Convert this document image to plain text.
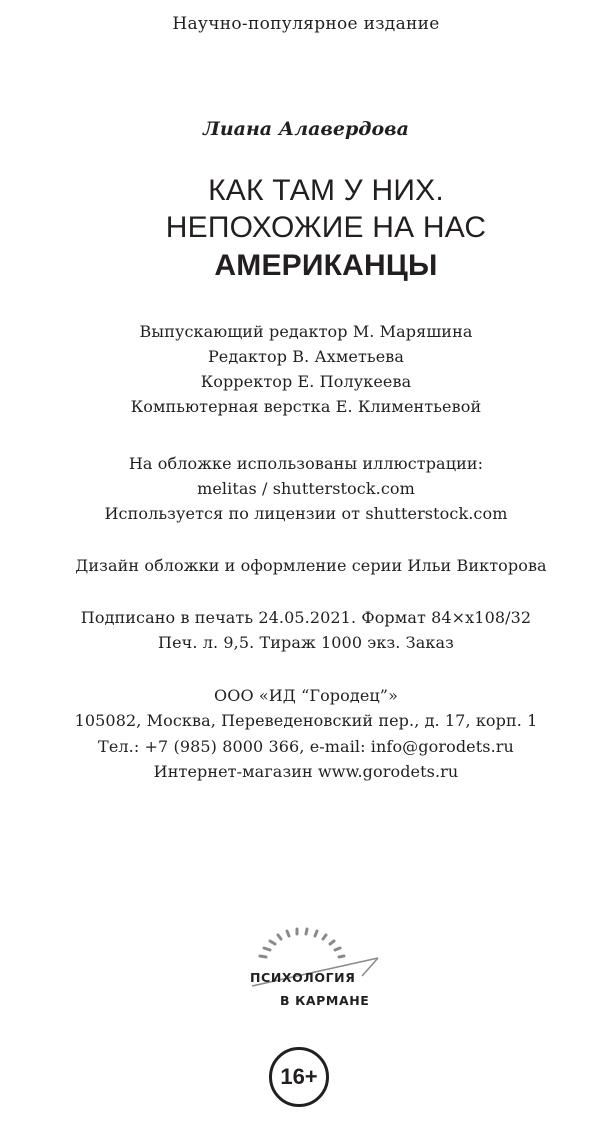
Научно-популярное издание
Лиана Алавердова
КАК ТАМ У НИХ.
НЕПОХОЖИЕ НА НАС
АМЕРИКАНЦЫ
Выпускающий редактор М. Маряшина
Редактор В. Ахметьева
Корректор Е. Полукеева
Компьютерная верстка Е. Климентьевой
На обложке использованы иллюстрации:
melitas / shutterstock.com
Используется по лицензии от shutterstock.com
Дизайн обложки и оформление серии Ильи Викторова
Подписано в печать 24.05.2021. Формат 84×x108/32
Печ. л. 9,5. Тираж 1000 экз. Заказ
ООО «ИД “Городец”»
105082, Москва, Переведеновский пер., д. 17, корп. 1
Тел.: +7 (985) 8000 366, e-mail: info@gorodets.ru
Интернет-магазин www.gorodets.ru
ПСИХОЛОГИЯ
В КАРМАНЕ
16+
